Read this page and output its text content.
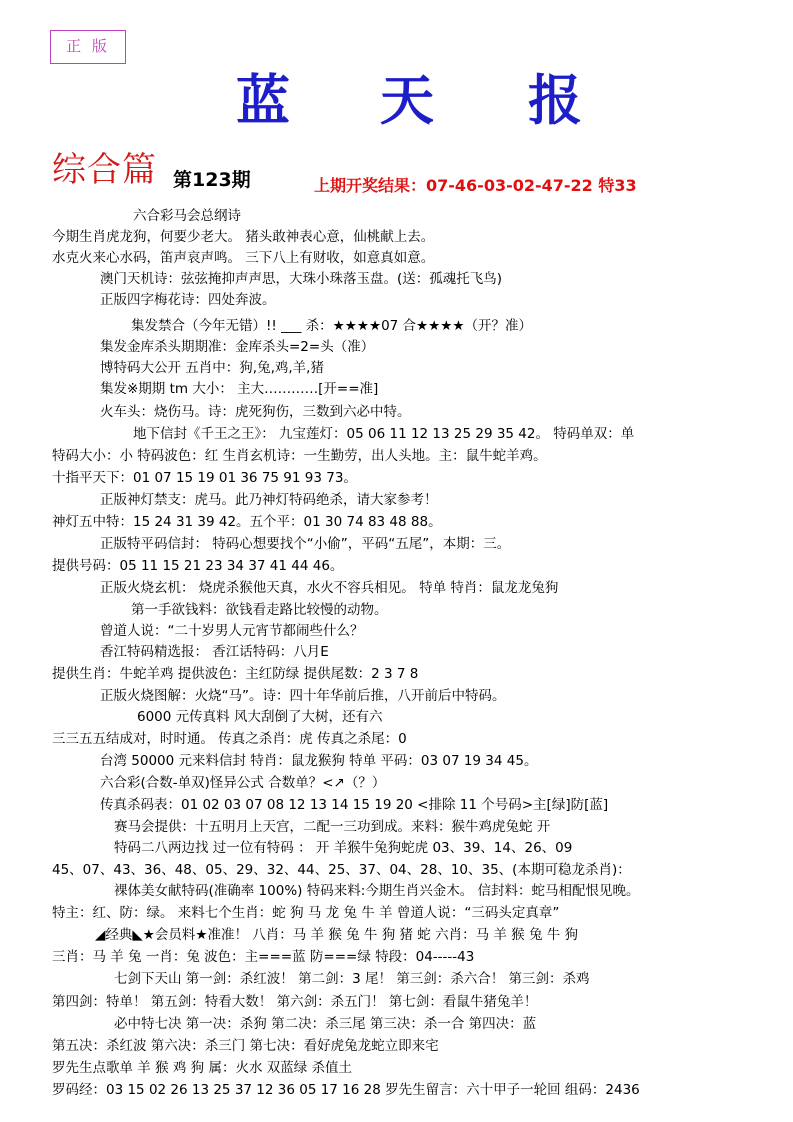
正 版
蓝 天 报
综合篇 第123期	上期开奖结果：07-46-03-02-47-22 特33
六合彩马会总纲诗
今期生肖虎龙狗，何要少老大。 猪头敢神表心意，仙桃献上去。
水克火来心水码，笛声哀声鸣。 三下八上有财收，如意真如意。
澳门天机诗：弦弦掩抑声声思，大珠小珠落玉盘。(送：孤魂托飞鸟)
正版四字梅花诗：四处奔波。
集发禁合（今年无错）!! ___ 杀：★★★★07 合★★★★（开？准）
集发金库杀头期期准：金库杀头=2=头（准）
博特码大公开 五肖中：狗,兔,鸡,羊,猪
集发※期期 tm 大小： 主大…………[开==准]
火车头：烧伤马。诗：虎死狗伤，三数到六必中特。
地下信封《千王之王》： 九宝莲灯：05 06 11 12 13 25 29 35 42。 特码单双：单
特码大小：小 特码波色：红 生肖玄机诗：一生勤劳，出人头地。主：鼠牛蛇羊鸡。
十指平天下：01 07 15 19 01 36 75 91 93 73。
正版神灯禁支：虎马。此乃神灯特码绝杀，请大家参考！
神灯五中特：15 24 31 39 42。五个平：01 30 74 83 48 88。
正版特平码信封： 特码心想要找个“小偷”，平码“五尾”，本期：三。
提供号码：05 11 15 21 23 34 37 41 44 46。
正版火烧玄机： 烧虎杀猴他天真，水火不容兵相见。 特单 特肖：鼠龙龙兔狗
第一手欲钱料：欲钱看走路比较慢的动物。
曾道人说：“二十岁男人元宵节都闹些什么？
香江特码精选报： 香江话特码：八月E
提供生肖：牛蛇羊鸡 提供波色：主红防绿 提供尾数：2 3 7 8
正版火烧图解：火烧“马”。诗：四十年华前后推，八开前后中特码。
6000 元传真料 风大刮倒了大树，还有六
三三五五结成对，时时通。 传真之杀肖：虎 传真之杀尾：0
台湾 50000 元来料信封 特肖：鼠龙猴狗 特单 平码：03 07 19 34 45。
六合彩(合数-单双)怪异公式 合数单？<↗（？）
传真杀码表：01 02 03 07 08 12 13 14 15 19 20 <排除 11 个号码>主[绿]防[蓝]
赛马会提供：十五明月上天宫，二配一三功到成。来料：猴牛鸡虎兔蛇 开
特码二八两边找 过一位有特码 ： 开 羊猴牛兔狗蛇虎 03、39、14、26、09
45、07、43、36、48、05、29、32、44、25、37、04、28、10、35、(本期可稳龙杀肖)：
裸体美女献特码(准确率 100%) 特码来料:今期生肖兴金木。 信封料：蛇马相配恨见晚。
特主：红、防：绿。 来料七个生肖：蛇 狗 马 龙 兔 牛 羊 曾道人说：“三码头定真章”
◢经典◣★会员料★准准！ 八肖：马 羊 猴 兔 牛 狗 猪 蛇 六肖：马 羊 猴 兔 牛 狗
三肖：马 羊 兔 一肖：兔 波色：主===蓝 防===绿 特段：04-----43
七剑下天山 第一剑：杀红波！ 第二剑：3 尾！ 第三剑：杀六合！ 第三剑：杀鸡
第四剑：特单！ 第五剑：特看大数！ 第六剑：杀五门！ 第七剑：看鼠牛猪兔羊！
必中特七决 第一决：杀狗 第二决：杀三尾 第三决：杀一合 第四决：蓝
第五决：杀红波 第六决：杀三门 第七决：看好虎兔龙蛇立即来宅
罗先生点歌单 羊 猴 鸡 狗 属：火水 双蓝绿 杀值土
罗码经：03 15 02 26 13 25 37 12 36 05 17 16 28 罗先生留言：六十甲子一轮回 组码：2436
